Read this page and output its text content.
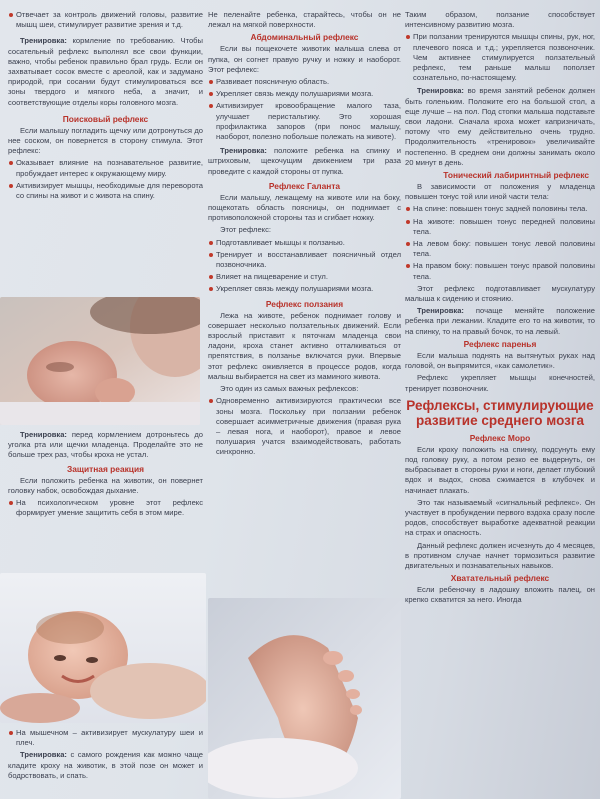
Отвечает за контроль движений головы, развитие мышц шеи, стимулирует развитие зрения и т.д.
Тренировка: кормление по требованию. Чтобы сосательный рефлекс выполнял все свои функции, важно, чтобы ребенок правильно брал грудь. Если он захватывает сосок вместе с ареолой, как и задумано природой, при сосании будут стимулироваться все зоны твердого и мягкого неба, а значит, и соответствующие отделы коры головного мозга.
Поисковый рефлекс
Если малышу погладить щечку или дотронуться до нее соском, он повернется в сторону стимула. Этот рефлекс:
Оказывает влияние на познавательное развитие, пробуждает интерес к окружающему миру.
Активизирует мышцы, необходимые для переворота со спины на живот и с живота на спину.
Тренировка: перед кормлением дотроньтесь до уголка рта или щечки младенца. Проделайте это не больше трех раз, чтобы кроха не устал.
Защитная реакция
Если положить ребенка на животик, он повернет головку набок, освобождая дыхание.
На психологическом уровне этот рефлекс формирует умение защитить себя в этом мире.
На мышечном – активизирует мускулатуру шеи и плеч.
Тренировка: с самого рождения как можно чаще кладите кроху на животик, в этой позе он может и бодрствовать, и спать.
Не пеленайте ребенка, старайтесь, чтобы он не лежал на мягкой поверхности.
Абдоминальный рефлекс
Если вы пощекочете животик малыша слева от пупка, он согнет правую ручку и ножку и наоборот. Этот рефлекс:
Развивает поясничную область.
Укрепляет связь между полушариями мозга.
Активизирует кровообращение малого таза, улучшает перистальтику. Это хорошая профилактика запоров (при понос малышу, наоборот, полезно побольше полежать на животе).
Тренировка: положите ребенка на спинку и штриховым, щекочущим движением три раза проведите с каждой стороны от пупка.
Рефлекс Галанта
Если малышу, лежащему на животе или на боку, пощекотать область поясницы, он поднимает с противоположной стороны таз и сгибает ножку.
Этот рефлекс:
Подготавливает мышцы к ползанью.
Тренирует и восстанавливает поясничный отдел позвоночника.
Влияет на пищеварение и стул.
Укрепляет связь между полушариями мозга.
Рефлекс ползания
Лежа на животе, ребенок поднимает голову и совершает несколько ползательных движений. Если взрослый приставит к пяточкам младенца свои ладони, кроха станет активно отталкиваться от препятствия, в ползанье включатся руки. Впервые этот рефлекс оживляется в процессе родов, когда малыш выбирается на свет из маминого живота.
Это один из самых важных рефлексов:
Одновременно активизируются практически все зоны мозга. Поскольку при ползании ребенок совершает асимметричные движения (правая рука – левая нога, и наоборот), правое и левое полушария учатся взаимодействовать, работать синхронно.
Таким образом, ползание способствует интенсивному развитию мозга.
При ползании тренируются мышцы спины, рук, ног, плечевого пояса и т.д.; укрепляется позвоночник. Чем активнее стимулируется ползательный рефлекс, тем раньше малыш поползет сознательно, по-настоящему.
Тренировка: во время занятий ребенок должен быть голеньким. Положите его на большой стол, а еще лучше – на пол. Под стопки малыша подставьте свои ладони. Сначала кроха может капризничать, потому что ему действительно очень трудно. Продолжительность «тренировок» увеличивайте постепенно. В среднем они должны занимать около 20 минут в день.
Тонический лабиринтный рефлекс
В зависимости от положения у младенца повышен тонус той или иной части тела:
На спине: повышен тонус задней половины тела.
На животе: повышен тонус передней половины тела.
На левом боку: повышен тонус левой половины тела.
На правом боку: повышен тонус правой половины тела.
Этот рефлекс подготавливает мускулатуру малыша к сидению и стоянию.
Тренировка: почаще меняйте положение ребенка при лежании. Кладите его то на животик, то на спинку, то на правый бочок, то на левый.
Рефлекс паренья
Если малыша поднять на вытянутых руках над головой, он выпрямится, «как самолетик».
Рефлекс укрепляет мышцы конечностей, тренирует позвоночник.
Рефлексы, стимулирующие развитие среднего мозга
Рефлекс Моро
Если кроху положить на спинку, подсунуть ему под головку руку, а потом резко ее выдернуть, он выбрасывает в стороны руки и ноги, делает глубокий вдох и выдох, снова сжимается в клубочек и начинает плакать.
Это так называемый «сигнальный рефлекс». Он участвует в пробуждении первого вздоха сразу после родов, способствует выработке адекватной реакции на страх и опасность.
Данный рефлекс должен исчезнуть до 4 месяцев, в противном случае начнет тормозиться развитие двигательных и познавательных навыков.
Хватательный рефлекс
Если ребеночку в ладошку вложить палец, он крепко схватится за него. Иногда
